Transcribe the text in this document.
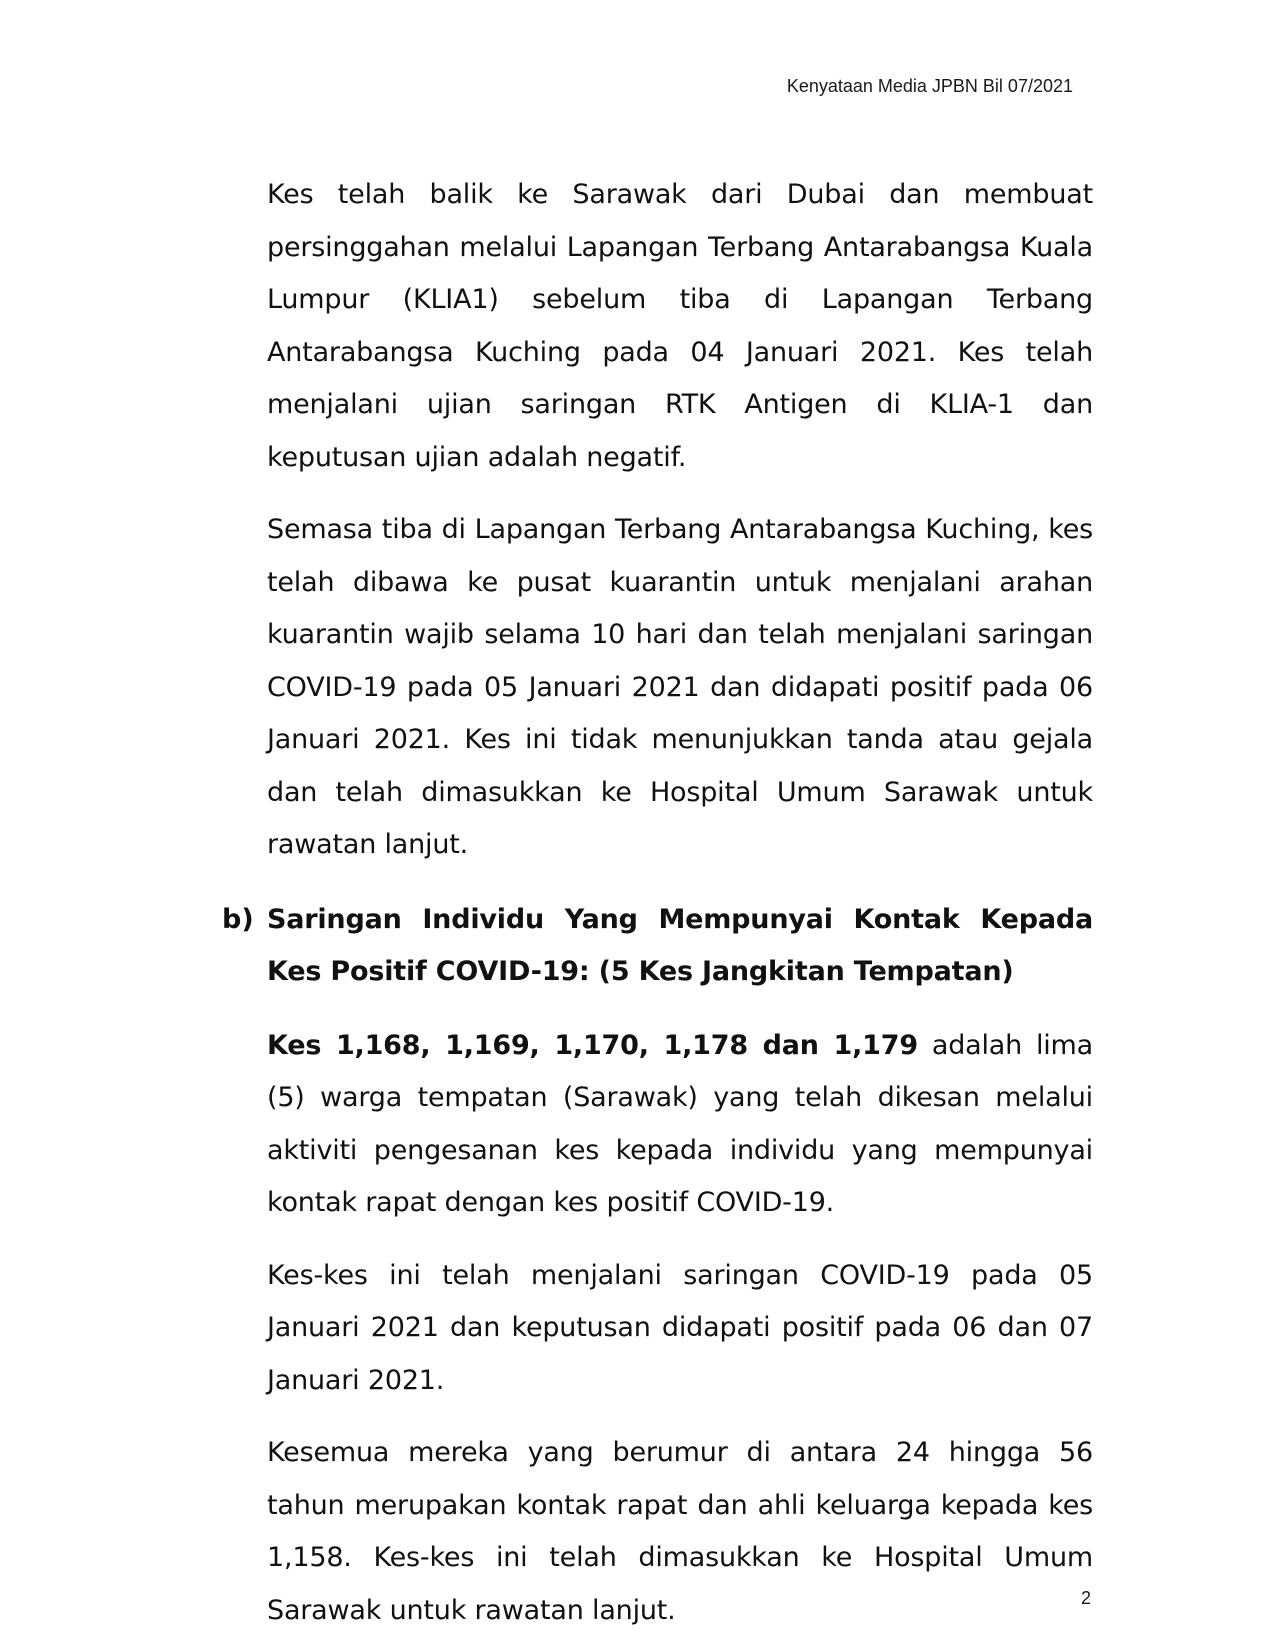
Kenyataan Media JPBN Bil 07/2021

Kes telah balik ke Sarawak dari Dubai dan membuat persinggahan melalui Lapangan Terbang Antarabangsa Kuala Lumpur (KLIA1) sebelum tiba di Lapangan Terbang Antarabangsa Kuching pada 04 Januari 2021. Kes telah menjalani ujian saringan RTK Antigen di KLIA-1 dan keputusan ujian adalah negatif.

Semasa tiba di Lapangan Terbang Antarabangsa Kuching, kes telah dibawa ke pusat kuarantin untuk menjalani arahan kuarantin wajib selama 10 hari dan telah menjalani saringan COVID-19 pada 05 Januari 2021 dan didapati positif pada 06 Januari 2021. Kes ini tidak menunjukkan tanda atau gejala dan telah dimasukkan ke Hospital Umum Sarawak untuk rawatan lanjut.

b) Saringan Individu Yang Mempunyai Kontak Kepada Kes Positif COVID-19: (5 Kes Jangkitan Tempatan)

Kes 1,168, 1,169, 1,170, 1,178 dan 1,179 adalah lima (5) warga tempatan (Sarawak) yang telah dikesan melalui aktiviti pengesanan kes kepada individu yang mempunyai kontak rapat dengan kes positif COVID-19.

Kes-kes ini telah menjalani saringan COVID-19 pada 05 Januari 2021 dan keputusan didapati positif pada 06 dan 07 Januari 2021.

Kesemua mereka yang berumur di antara 24 hingga 56 tahun merupakan kontak rapat dan ahli keluarga kepada kes 1,158. Kes-kes ini telah dimasukkan ke Hospital Umum Sarawak untuk rawatan lanjut.	2
